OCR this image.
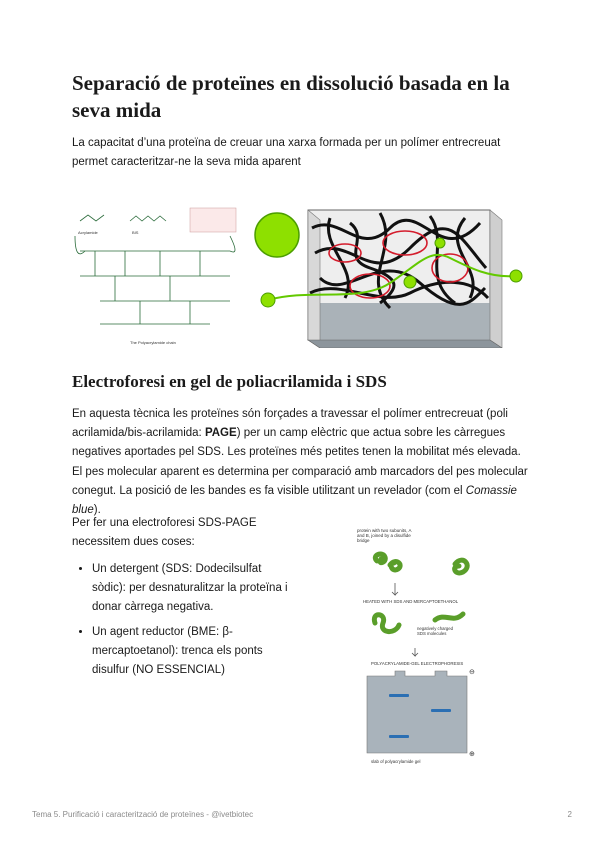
Separació de proteïnes en dissolució basada en la seva mida

La capacitat d’una proteïna de creuar una xarxa formada per un polímer entrecreuat permet caracteritzar-ne la seva mida aparent

Acrylamide	BIS
The Polyacrylamide chain
Electroforesi en gel de poliacrilamida i SDS

En aquesta tècnica les proteïnes són forçades a travessar el polímer entrecreuat (poli acrilamida/bis-acrilamida: PAGE) per un camp elèctric que actua sobre les càrregues negatives aportades pel SDS. Les proteïnes més petites tenen la mobilitat més elevada.

El pes molecular aparent es determina per comparació amb marcadors del pes molecular conegut. La posició de les bandes es fa visible utilitzant un revelador (com el Comassie blue).

Per fer una electroforesi SDS-PAGE necessitem dues coses:
• Un detergent (SDS: Dodecilsulfat sòdic): per desnaturalitzar la proteïna i donar càrrega negativa.
• Un agent reductor (BME: β-mercaptoetanol): trenca els ponts disulfur (NO ESSENCIAL)
protein with two subunits, A and B, joined by a disulfide bridge
HEATED WITH SDS AND MERCAPTOETHANOL
negatively charged SDS molecules
POLYACRYLAMIDE-GEL ELECTROPHORESIS
⊖
⊕
slab of polyacrylamide gel
Tema 5. Purificació i caracterització de proteïnes - @ivetbiotec	2
